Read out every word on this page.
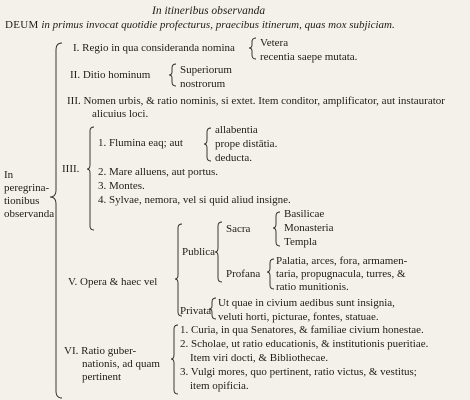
In itineribus observanda
DEUM in primus invocat quotidie profecturus, praecibus itinerum, quas mox subjiciam.
In
peregrina-
tionibus
observanda
I. Regio in qua consideranda nomina Vetera
recentia saepe mutata.
II. Ditio hominum	Superiorum
nostrorum
III. Nomen urbis, & ratio nominis, si extet. Item conditor, amplificator, aut instaurator
alicuius loci.
IIII.
1. Flumina eaq; aut
allabentia
prope distātia.
deducta.
2. Mare alluens, aut portus.
3. Montes.
4. Sylvae, nemora, vel si quid aliud insigne.
V. Opera & haec vel
Publica
Sacra
Basilicae
Monasteria
Templa
Profana
Palatia, arces, fora, armamen-
taria, propugnacula, turres, &
ratio munitionis.
Privata
Ut quae in civium aedibus sunt insignia,
veluti horti, picturae, fontes, statuae.
VI. Ratio guber-
nationis, ad quam
pertinent
1. Curia, in qua Senatores, & familiae civium honestae.
2. Scholae, ut ratio educationis, & institutionis pueritiae.
Item viri docti, & Bibliothecae.
3. Vulgi mores, quo pertinent, ratio victus, & vestitus;
item opificia.
